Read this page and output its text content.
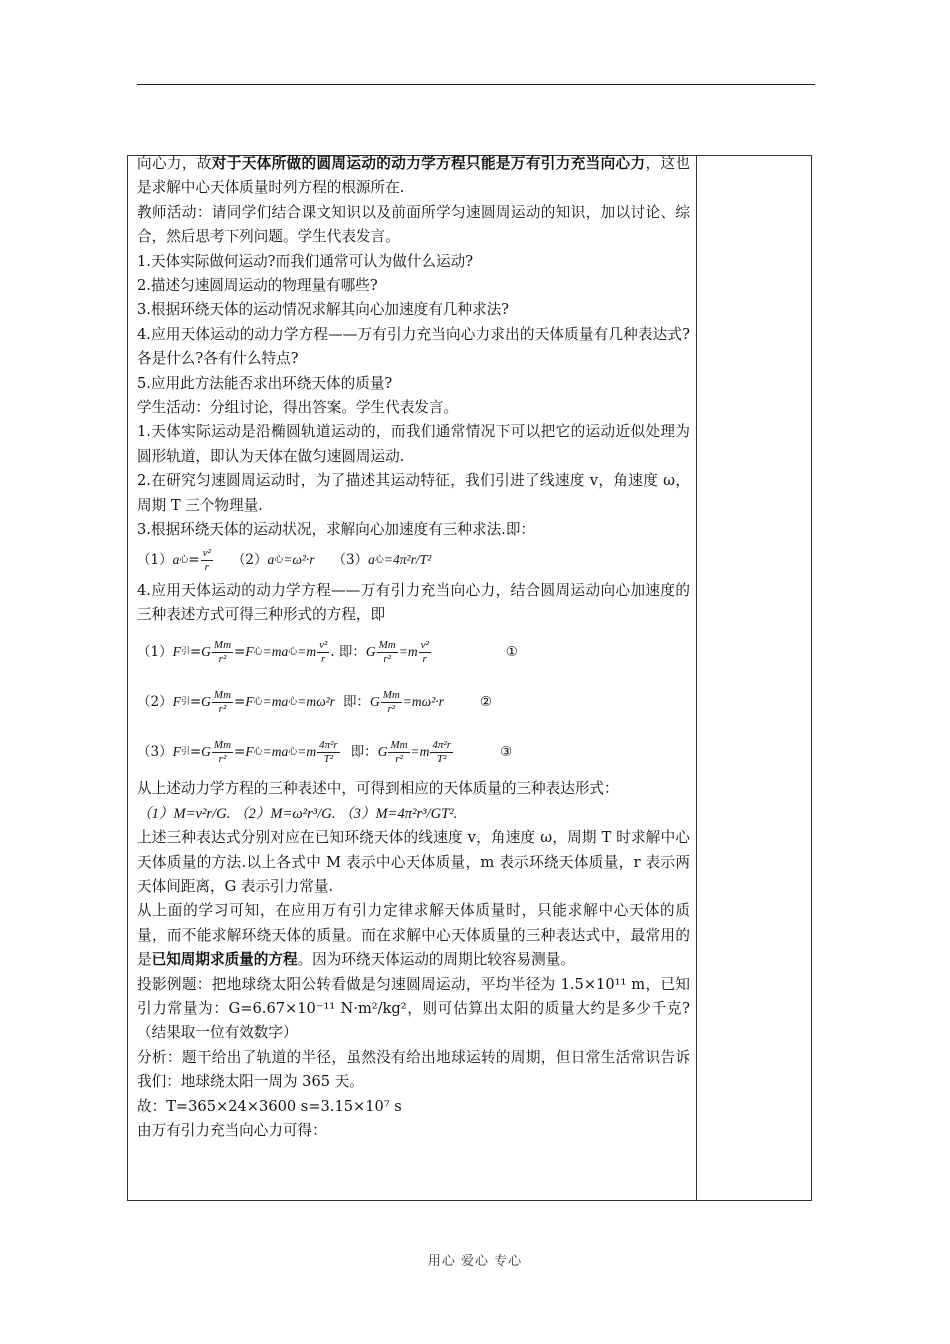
向心力，故对于天体所做的圆周运动的动力学方程只能是万有引力充当向心力，这也是求解中心天体质量时列方程的根源所在.

教师活动：请同学们结合课文知识以及前面所学匀速圆周运动的知识，加以讨论、综合，然后思考下列问题。学生代表发言。

1.天体实际做何运动?而我们通常可认为做什么运动?

2.描述匀速圆周运动的物理量有哪些?

3.根据环绕天体的运动情况求解其向心加速度有几种求法?

4.应用天体运动的动力学方程——万有引力充当向心力求出的天体质量有几种表达式?各是什么?各有什么特点?

5.应用此方法能否求出环绕天体的质量?

学生活动：分组讨论，得出答案。学生代表发言。

1.天体实际运动是沿椭圆轨道运动的，而我们通常情况下可以把它的运动近似处理为圆形轨道，即认为天体在做匀速圆周运动.

2.在研究匀速圆周运动时，为了描述其运动特征，我们引进了线速度 v，角速度 ω，周期 T 三个物理量.

3.根据环绕天体的运动状况，求解向心加速度有三种求法.即：

（1） a 心 = $\frac{\text{v²}}{r} (2)$ a 心 =ω²·r （3） a 心 =4π²r/T²

4.应用天体运动的动力学方程——万有引力充当向心力，结合圆周运动向心加速度的三种表述方式可得三种形式的方程，即

（1） F 引 = G $\frac{Mm}{\text{r²}} = F$ 心 =ma 心 =m v²
r . 即： G $\frac{Mm}{\text{r²}} =m$ v²
r	①
（2） F 引 = G $\frac{Mm}{\text{r²}} = F$ 心 =ma 心 =mω²r 即： G $\frac{Mm}{\text{r²}} =m\omega^2\cdot r$	②
（3） F 引 = G $\frac{Mm}{\text{r²}} = F$ 心 =ma 心 =m 4π²r
T² 即： G $\frac{Mm}{\text{r²}} =m$ 4π²r
T²	③

从上述动力学方程的三种表述中，可得到相应的天体质量的三种表达形式：

（1）M=v²r/G. （2）M=ω²r³/G. （3）M=4π²r³/GT².

上述三种表达式分别对应在已知环绕天体的线速度 v，角速度 ω，周期 T 时求解中心天体质量的方法.以上各式中 M 表示中心天体质量，m 表示环绕天体质量，r 表示两天体间距离，G 表示引力常量.

从上面的学习可知，在应用万有引力定律求解天体质量时，只能求解中心天体的质量，而不能求解环绕天体的质量。而在求解中心天体质量的三种表达式中，最常用的是已知周期求质量的方程。因为环绕天体运动的周期比较容易测量。

投影例题：把地球绕太阳公转看做是匀速圆周运动，平均半径为 1.5×10¹¹ m，已知引力常量为：G=6.67×10⁻¹¹ N·m²/kg²，则可估算出太阳的质量大约是多少千克?（结果取一位有效数字）

分析：题干给出了轨道的半径，虽然没有给出地球运转的周期，但日常生活常识告诉我们：地球绕太阳一周为 365 天。

故：T=365×24×3600 s=3.15×10⁷ s

由万有引力充当向心力可得：

用心 爱心 专心
